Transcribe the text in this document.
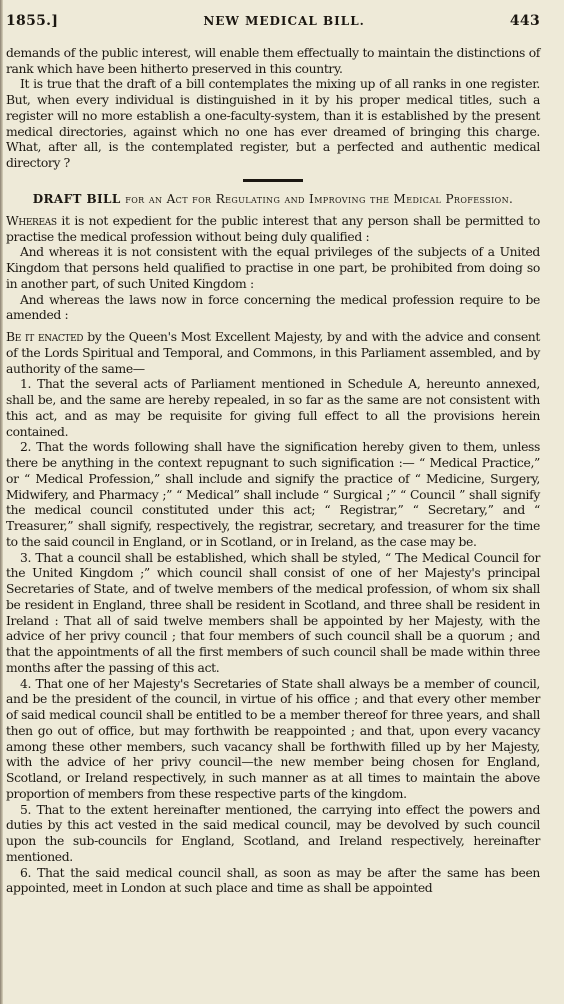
1855.]	NEW MEDICAL BILL.	443

demands of the public interest, will enable them effectually to maintain the distinctions of rank which have been hitherto preserved in this country.

It is true that the draft of a bill contemplates the mixing up of all ranks in one register. But, when every individual is distinguished in it by his proper medical titles, such a register will no more establish a one-faculty-system, than it is established by the present medical directories, against which no one has ever dreamed of bringing this charge. What, after all, is the contemplated register, but a perfected and authentic medical directory ?

DRAFT BILL for an Act for Regulating and Improving the Medical Profession.

Whereas it is not expedient for the public interest that any person shall be permitted to practise the medical profession without being duly qualified :

And whereas it is not consistent with the equal privileges of the subjects of a United Kingdom that persons held qualified to practise in one part, be prohibited from doing so in another part, of such United Kingdom :

And whereas the laws now in force concerning the medical profession require to be amended :

Be it enacted by the Queen's Most Excellent Majesty, by and with the advice and consent of the Lords Spiritual and Temporal, and Commons, in this Parliament assembled, and by authority of the same—

1. That the several acts of Parliament mentioned in Schedule A, hereunto annexed, shall be, and the same are hereby repealed, in so far as the same are not consistent with this act, and as may be requisite for giving full effect to all the provisions herein contained.

2. That the words following shall have the signification hereby given to them, unless there be anything in the context repugnant to such signification :— “ Medical Practice,” or “ Medical Profession,” shall include and signify the practice of “ Medicine, Surgery, Midwifery, and Pharmacy ;” “ Medical” shall include “ Surgical ;” “ Council ” shall signify the medical council constituted under this act; “ Registrar,” “ Secretary,” and “ Treasurer,” shall signify, respectively, the registrar, secretary, and treasurer for the time to the said council in England, or in Scotland, or in Ireland, as the case may be.

3. That a council shall be established, which shall be styled, “ The Medical Council for the United Kingdom ;” which council shall consist of one of her Majesty's principal Secretaries of State, and of twelve members of the medical profession, of whom six shall be resident in England, three shall be resident in Scotland, and three shall be resident in Ireland : That all of said twelve members shall be appointed by her Majesty, with the advice of her privy council ; that four members of such council shall be a quorum ; and that the appointments of all the first members of such council shall be made within three months after the passing of this act.

4. That one of her Majesty's Secretaries of State shall always be a member of council, and be the president of the council, in virtue of his office ; and that every other member of said medical council shall be entitled to be a member thereof for three years, and shall then go out of office, but may forthwith be reappointed ; and that, upon every vacancy among these other members, such vacancy shall be forthwith filled up by her Majesty, with the advice of her privy council—the new member being chosen for England, Scotland, or Ireland respectively, in such manner as at all times to maintain the above proportion of members from these respective parts of the kingdom.

5. That to the extent hereinafter mentioned, the carrying into effect the powers and duties by this act vested in the said medical council, may be devolved by such council upon the sub-councils for England, Scotland, and Ireland respectively, hereinafter mentioned.

6. That the said medical council shall, as soon as may be after the same has been appointed, meet in London at such place and time as shall be appointed
